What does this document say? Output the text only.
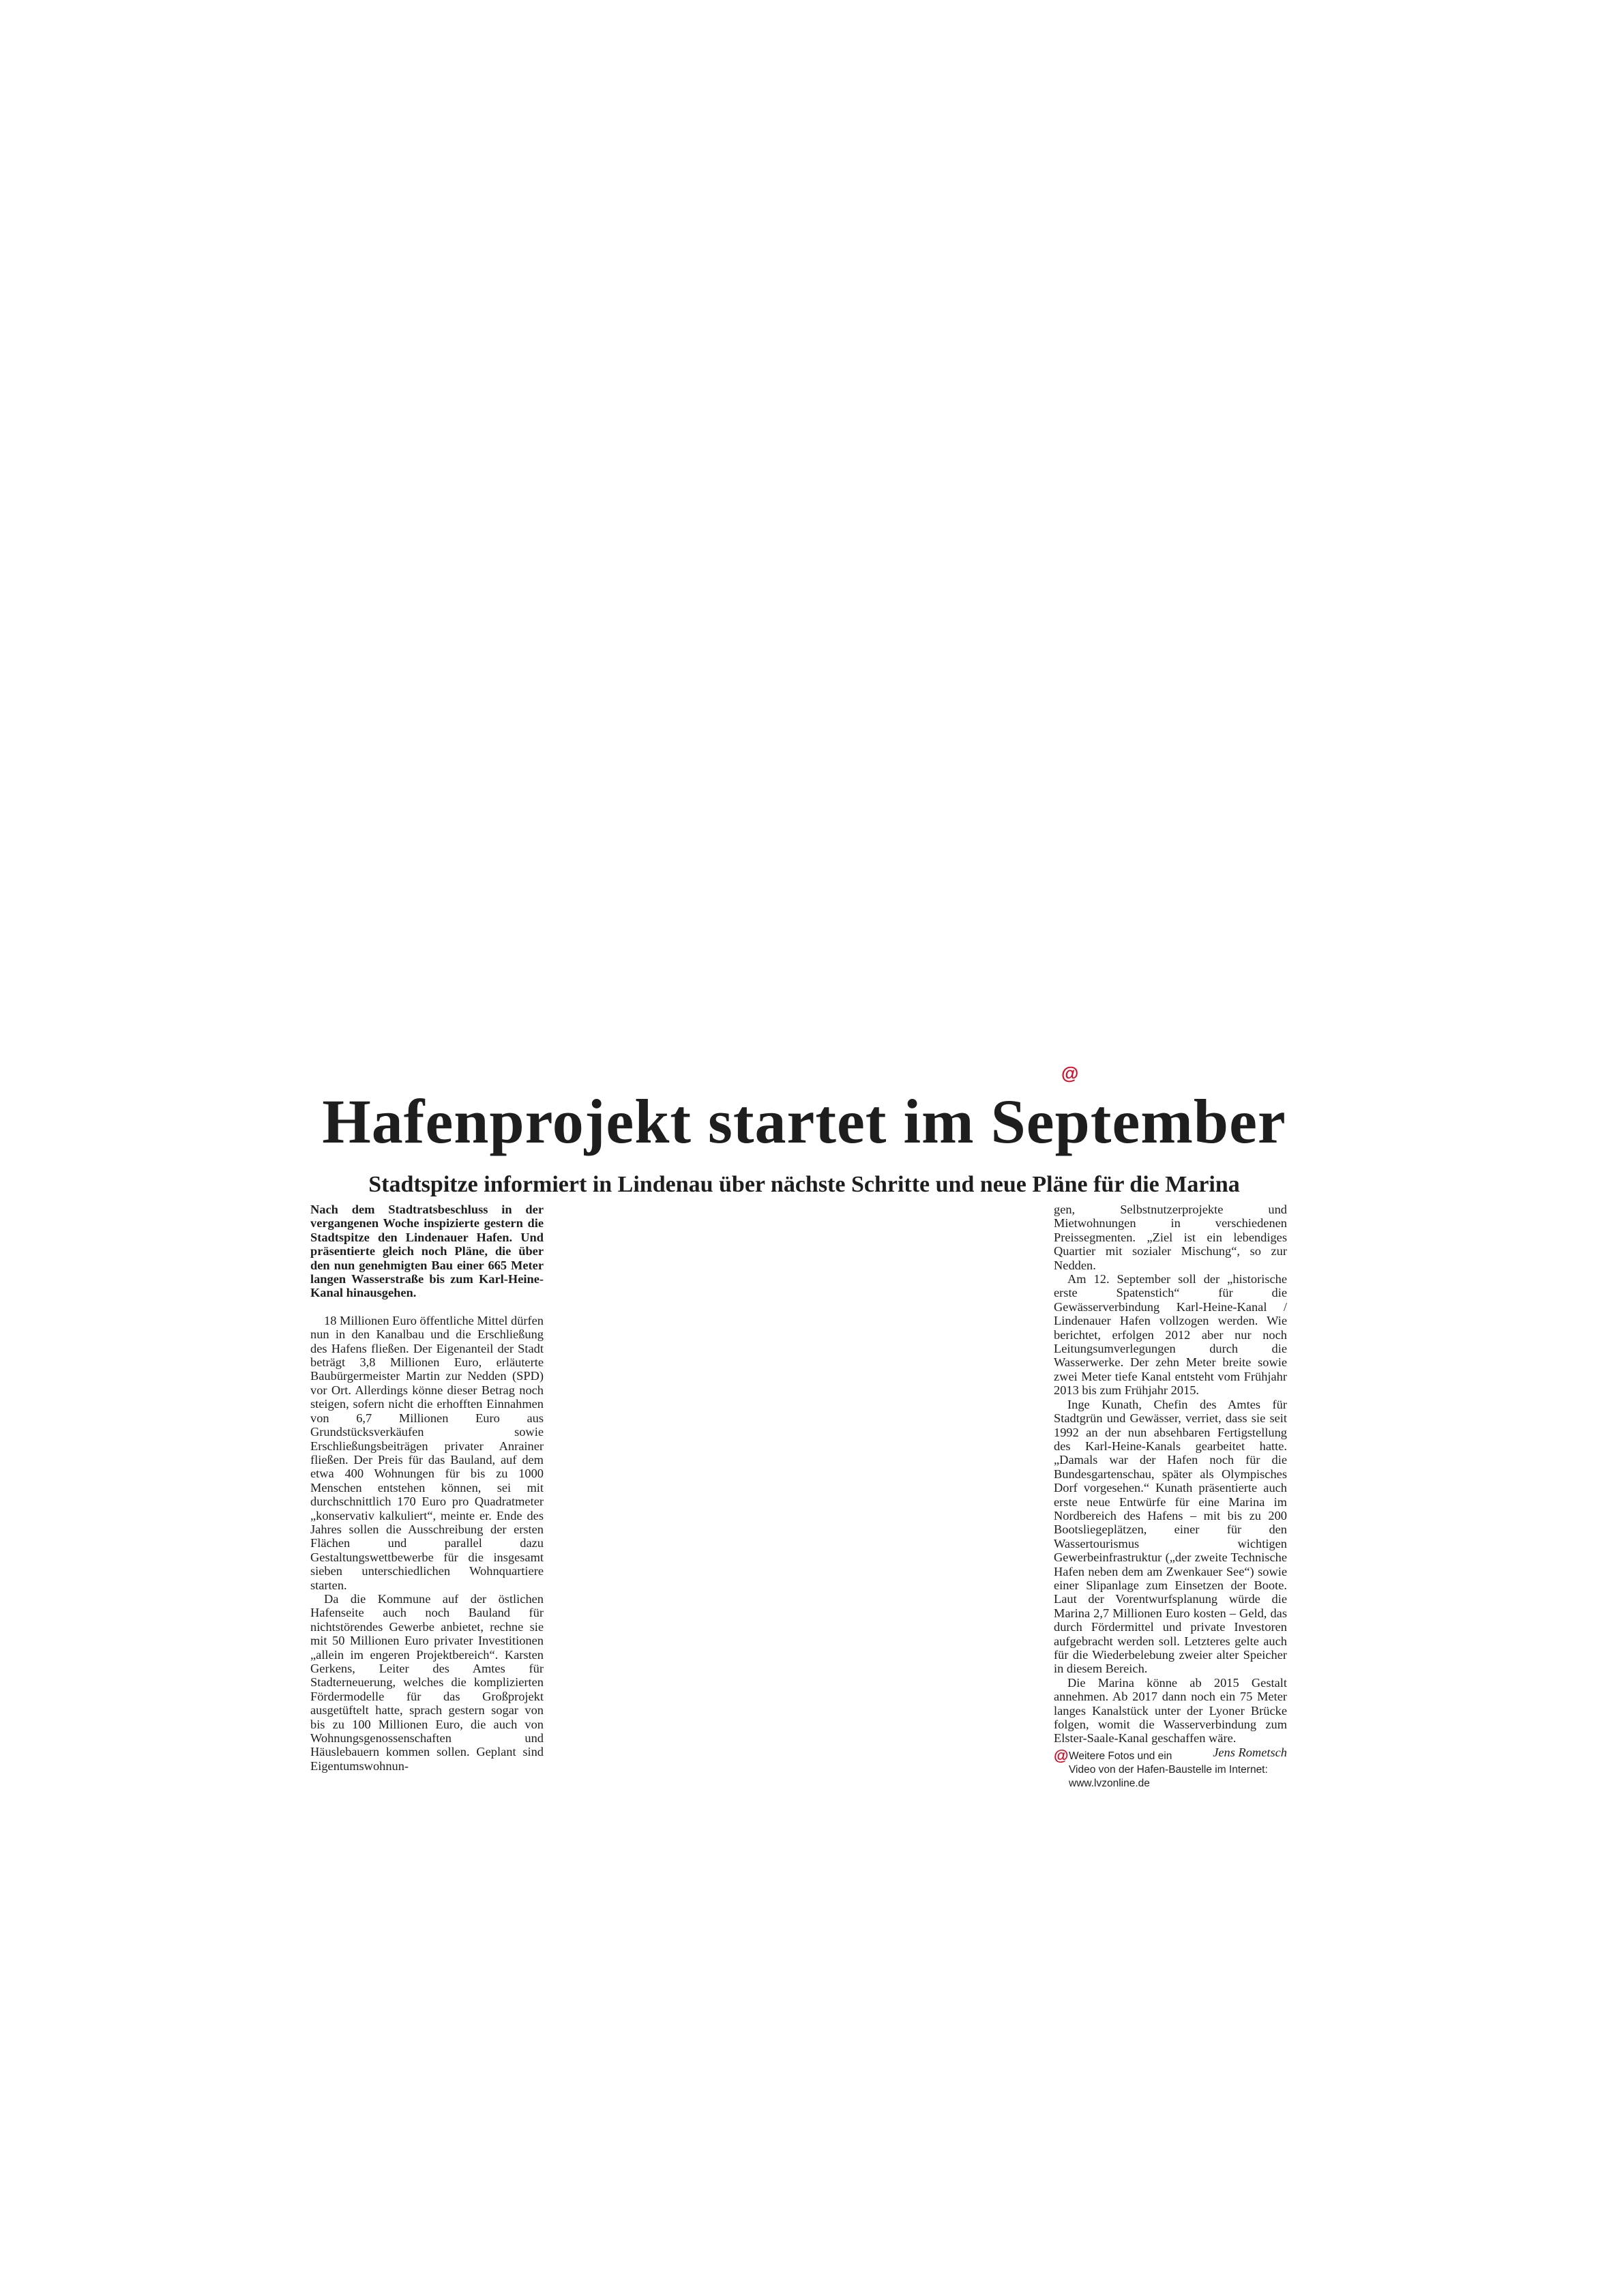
@
Hafenprojekt startet im September
Stadtspitze informiert in Lindenau über nächste Schritte und neue Pläne für die Marina

Nach dem Stadtratsbeschluss in der vergangenen Woche inspizierte gestern die Stadtspitze den Lindenauer Hafen. Und präsentierte gleich noch Pläne, die über den nun genehmigten Bau einer 665 Meter langen Wasserstraße bis zum Karl-Heine-Kanal hinausgehen.

18 Millionen Euro öffentliche Mittel dürfen nun in den Kanalbau und die Erschließung des Hafens fließen. Der Eigenanteil der Stadt beträgt 3,8 Millionen Euro, erläuterte Baubürgermeister Martin zur Nedden (SPD) vor Ort. Allerdings könne dieser Betrag noch steigen, sofern nicht die erhofften Einnahmen von 6,7 Millionen Euro aus Grundstücksverkäufen sowie Erschließungsbeiträgen privater Anrainer fließen. Der Preis für das Bauland, auf dem etwa 400 Wohnungen für bis zu 1000 Menschen entstehen können, sei mit durchschnittlich 170 Euro pro Quadratmeter „konservativ kalkuliert“, meinte er. Ende des Jahres sollen die Ausschreibung der ersten Flächen und parallel dazu Gestaltungswettbewerbe für die insgesamt sieben unterschiedlichen Wohnquartiere starten.

Da die Kommune auf der östlichen Hafenseite auch noch Bauland für nichtstörendes Gewerbe anbietet, rechne sie mit 50 Millionen Euro privater Investitionen „allein im engeren Projektbereich“. Karsten Gerkens, Leiter des Amtes für Stadterneuerung, welches die komplizierten Fördermodelle für das Großprojekt ausgetüftelt hatte, sprach gestern sogar von bis zu 100 Millionen Euro, die auch von Wohnungsgenossenschaften und Häuslebauern kommen sollen. Geplant sind Eigentumswohnun-

gen, Selbstnutzerprojekte und Mietwohnungen in verschiedenen Preissegmenten. „Ziel ist ein lebendiges Quartier mit sozialer Mischung“, so zur Nedden.

Am 12. September soll der „historische erste Spatenstich“ für die Gewässerverbindung Karl-Heine-Kanal / Lindenauer Hafen vollzogen werden. Wie berichtet, erfolgen 2012 aber nur noch Leitungsumverlegungen durch die Wasserwerke. Der zehn Meter breite sowie zwei Meter tiefe Kanal entsteht vom Frühjahr 2013 bis zum Frühjahr 2015.

Inge Kunath, Chefin des Amtes für Stadtgrün und Gewässer, verriet, dass sie seit 1992 an der nun absehbaren Fertigstellung des Karl-Heine-Kanals gearbeitet hatte. „Damals war der Hafen noch für die Bundesgartenschau, später als Olympisches Dorf vorgesehen.“ Kunath präsentierte auch erste neue Entwürfe für eine Marina im Nordbereich des Hafens – mit bis zu 200 Bootsliegeplätzen, einer für den Wassertourismus wichtigen Gewerbeinfrastruktur („der zweite Technische Hafen neben dem am Zwenkauer See“) sowie einer Slipanlage zum Einsetzen der Boote. Laut der Vorentwurfsplanung würde die Marina 2,7 Millionen Euro kosten – Geld, das durch Fördermittel und private Investoren aufgebracht werden soll. Letzteres gelte auch für die Wiederbelebung zweier alter Speicher in diesem Bereich.

Die Marina könne ab 2015 Gestalt annehmen. Ab 2017 dann noch ein 75 Meter langes Kanalstück unter der Lyoner Brücke folgen, womit die Wasserverbindung zum Elster-Saale-Kanal geschaffen wäre.
Jens Rometsch

@ Weitere Fotos und ein Video von der Hafen-Baustelle im Internet: www.lvzonline.de
